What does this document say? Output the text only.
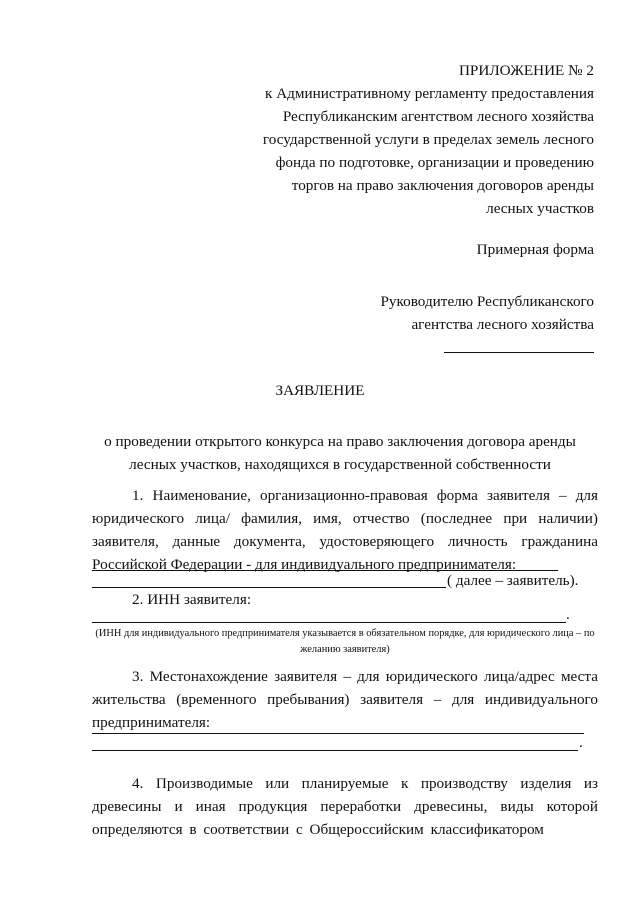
ПРИЛОЖЕНИЕ № 2
к Административному регламенту предоставления
Республиканским агентством лесного хозяйства
государственной услуги в пределах земель лесного
фонда по подготовке, организации и проведению
торгов на право заключения договоров аренды
лесных участков
Примерная форма
Руководителю Республиканского
агентства лесного хозяйства
ЗАЯВЛЕНИЕ
о проведении открытого конкурса на право заключения договора аренды
лесных участков, находящихся в государственной собственности
1. Наименование, организационно-правовая форма заявителя – для юридического лица/ фамилия, имя, отчество (последнее при наличии) заявителя, данные документа, удостоверяющего личность гражданина Российской Федерации - для индивидуального предпринимателя:
( далее – заявитель).
2. ИНН заявителя:
.
(ИНН для индивидуального предпринимателя указывается в обязательном порядке, для юридического лица – по желанию заявителя)
3. Местонахождение заявителя – для юридического лица/адрес места жительства (временного пребывания) заявителя – для индивидуального предпринимателя:
.
4. Производимые или планируемые к производству изделия из древесины и иная продукция переработки древесины, виды которой определяются в соответствии с Общероссийским классификатором
